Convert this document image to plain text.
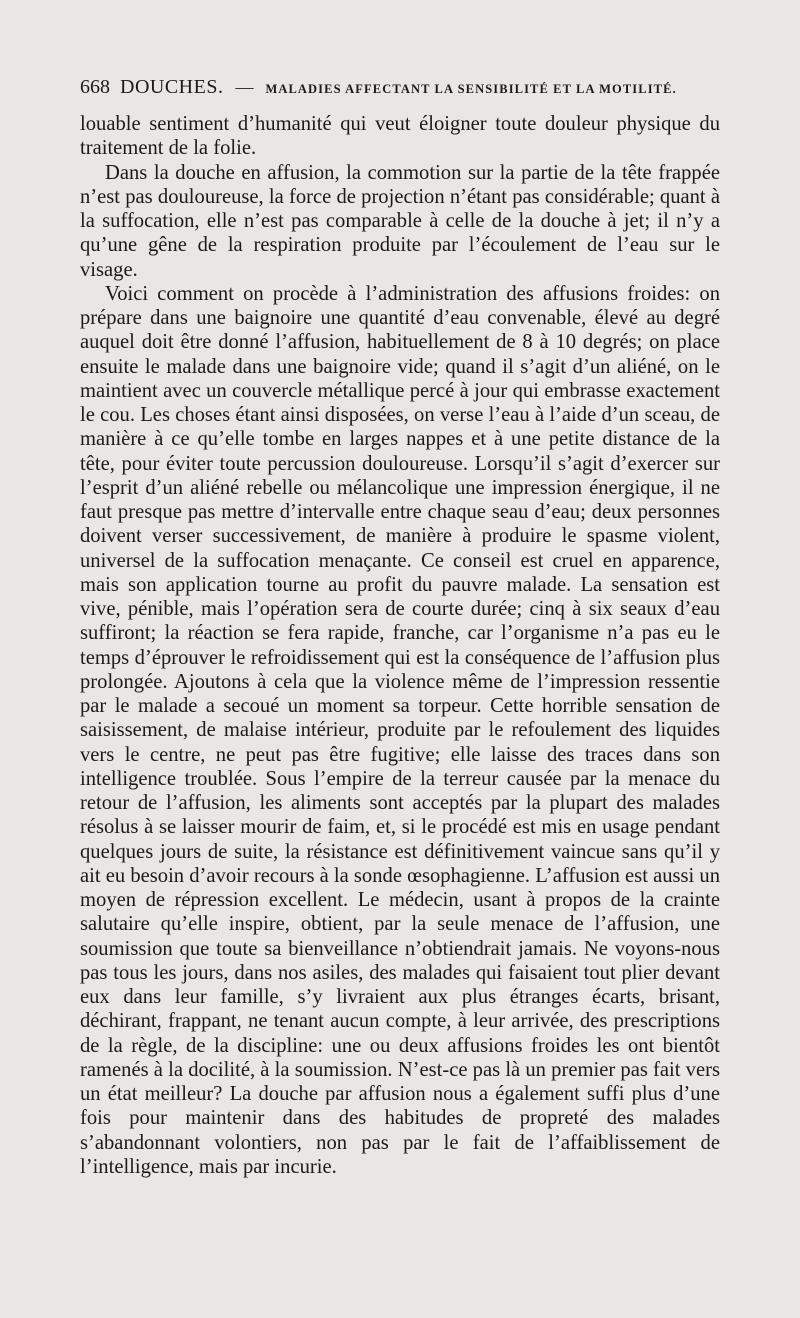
668 DOUCHES. — MALADIES AFFECTANT LA SENSIBILITÉ ET LA MOTILITÉ.

louable sentiment d’humanité qui veut éloigner toute douleur physique du traitement de la folie.

Dans la douche en affusion, la commotion sur la partie de la tête frappée n’est pas douloureuse, la force de projection n’étant pas considérable; quant à la suffocation, elle n’est pas comparable à celle de la douche à jet; il n’y a qu’une gêne de la respiration produite par l’écoulement de l’eau sur le visage.

Voici comment on procède à l’administration des affusions froides: on prépare dans une baignoire une quantité d’eau convenable, élevé au degré auquel doit être donné l’affusion, habituellement de 8 à 10 degrés; on place ensuite le malade dans une baignoire vide; quand il s’agit d’un aliéné, on le maintient avec un couvercle métallique percé à jour qui embrasse exactement le cou. Les choses étant ainsi disposées, on verse l’eau à l’aide d’un sceau, de manière à ce qu’elle tombe en larges nappes et à une petite distance de la tête, pour éviter toute percussion douloureuse. Lorsqu’il s’agit d’exercer sur l’esprit d’un aliéné rebelle ou mélancolique une impression énergique, il ne faut presque pas mettre d’intervalle entre chaque seau d’eau; deux personnes doivent verser successivement, de manière à produire le spasme violent, universel de la suffocation menaçante. Ce conseil est cruel en apparence, mais son application tourne au profit du pauvre malade. La sensation est vive, pénible, mais l’opération sera de courte durée; cinq à six seaux d’eau suffiront; la réaction se fera rapide, franche, car l’organisme n’a pas eu le temps d’éprouver le refroidissement qui est la conséquence de l’affusion plus prolongée. Ajoutons à cela que la violence même de l’impression ressentie par le malade a secoué un moment sa torpeur. Cette horrible sensation de saisissement, de malaise intérieur, produite par le refoulement des liquides vers le centre, ne peut pas être fugitive; elle laisse des traces dans son intelligence troublée. Sous l’empire de la terreur causée par la menace du retour de l’affusion, les aliments sont acceptés par la plupart des malades résolus à se laisser mourir de faim, et, si le procédé est mis en usage pendant quelques jours de suite, la résistance est définitivement vaincue sans qu’il y ait eu besoin d’avoir recours à la sonde œsophagienne. L’affusion est aussi un moyen de répression excellent. Le médecin, usant à propos de la crainte salutaire qu’elle inspire, obtient, par la seule menace de l’affusion, une soumission que toute sa bienveillance n’obtiendrait jamais. Ne voyons-nous pas tous les jours, dans nos asiles, des malades qui faisaient tout plier devant eux dans leur famille, s’y livraient aux plus étranges écarts, brisant, déchirant, frappant, ne tenant aucun compte, à leur arrivée, des prescriptions de la règle, de la discipline: une ou deux affusions froides les ont bientôt ramenés à la docilité, à la soumission. N’est-ce pas là un premier pas fait vers un état meilleur? La douche par affusion nous a également suffi plus d’une fois pour maintenir dans des habitudes de propreté des malades s’abandonnant volontiers, non pas par le fait de l’affaiblissement de l’intelligence, mais par incurie.
